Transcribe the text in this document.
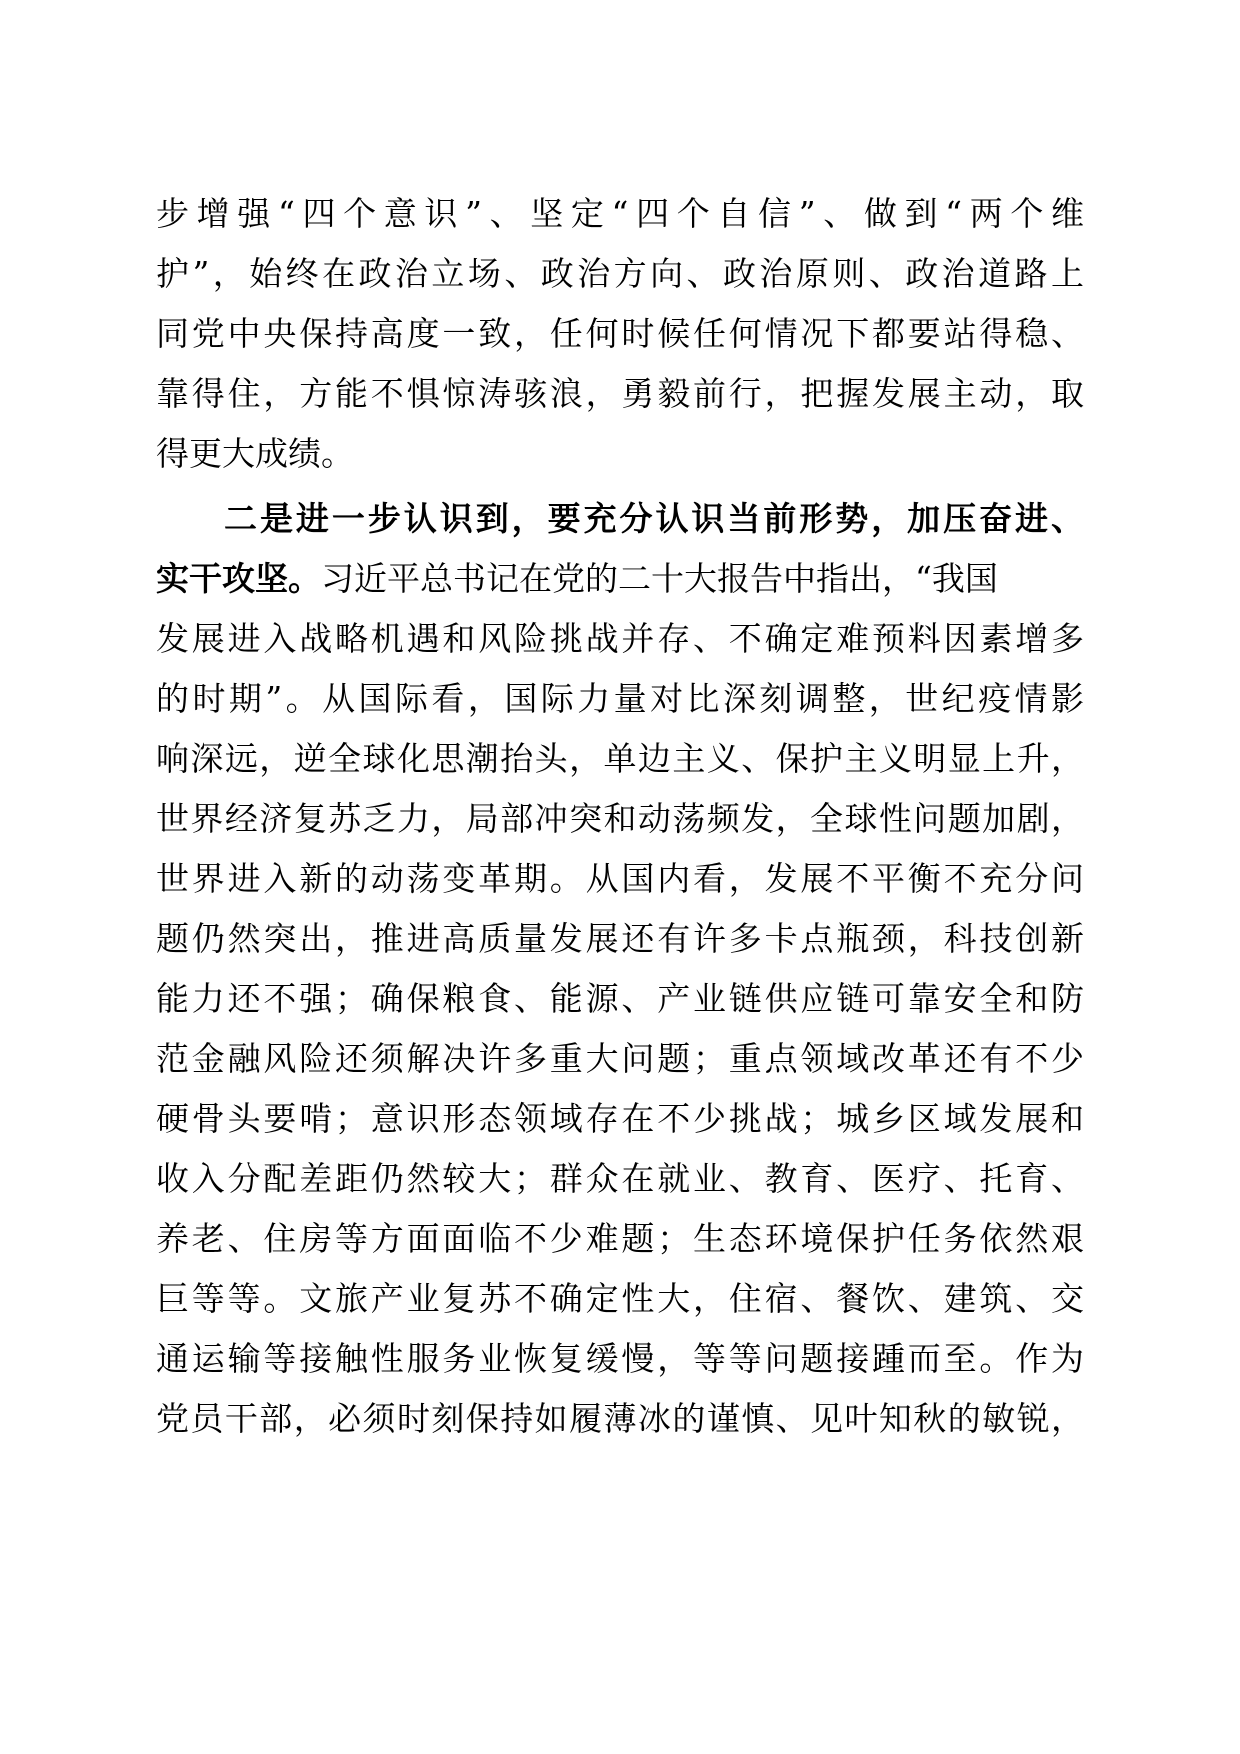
步增强“四个意识”、坚定“四个自信”、做到“两个维
护”，始终在政治立场、政治方向、政治原则、政治道路上
同党中央保持高度一致，任何时候任何情况下都要站得稳、
靠得住，方能不惧惊涛骇浪，勇毅前行，把握发展主动，取
得更大成绩。
二是进一步认识到，要充分认识当前形势，加压奋进、
实干攻坚。习近平总书记在党的二十大报告中指出，“我国
发展进入战略机遇和风险挑战并存、不确定难预料因素增多
的时期”。从国际看，国际力量对比深刻调整，世纪疫情影
响深远，逆全球化思潮抬头，单边主义、保护主义明显上升，
世界经济复苏乏力，局部冲突和动荡频发，全球性问题加剧，
世界进入新的动荡变革期。从国内看，发展不平衡不充分问
题仍然突出，推进高质量发展还有许多卡点瓶颈，科技创新
能力还不强；确保粮食、能源、产业链供应链可靠安全和防
范金融风险还须解决许多重大问题；重点领域改革还有不少
硬骨头要啃；意识形态领域存在不少挑战；城乡区域发展和
收入分配差距仍然较大；群众在就业、教育、医疗、托育、
养老、住房等方面面临不少难题；生态环境保护任务依然艰
巨等等。文旅产业复苏不确定性大，住宿、餐饮、建筑、交
通运输等接触性服务业恢复缓慢，等等问题接踵而至。作为
党员干部，必须时刻保持如履薄冰的谨慎、见叶知秋的敏锐，
